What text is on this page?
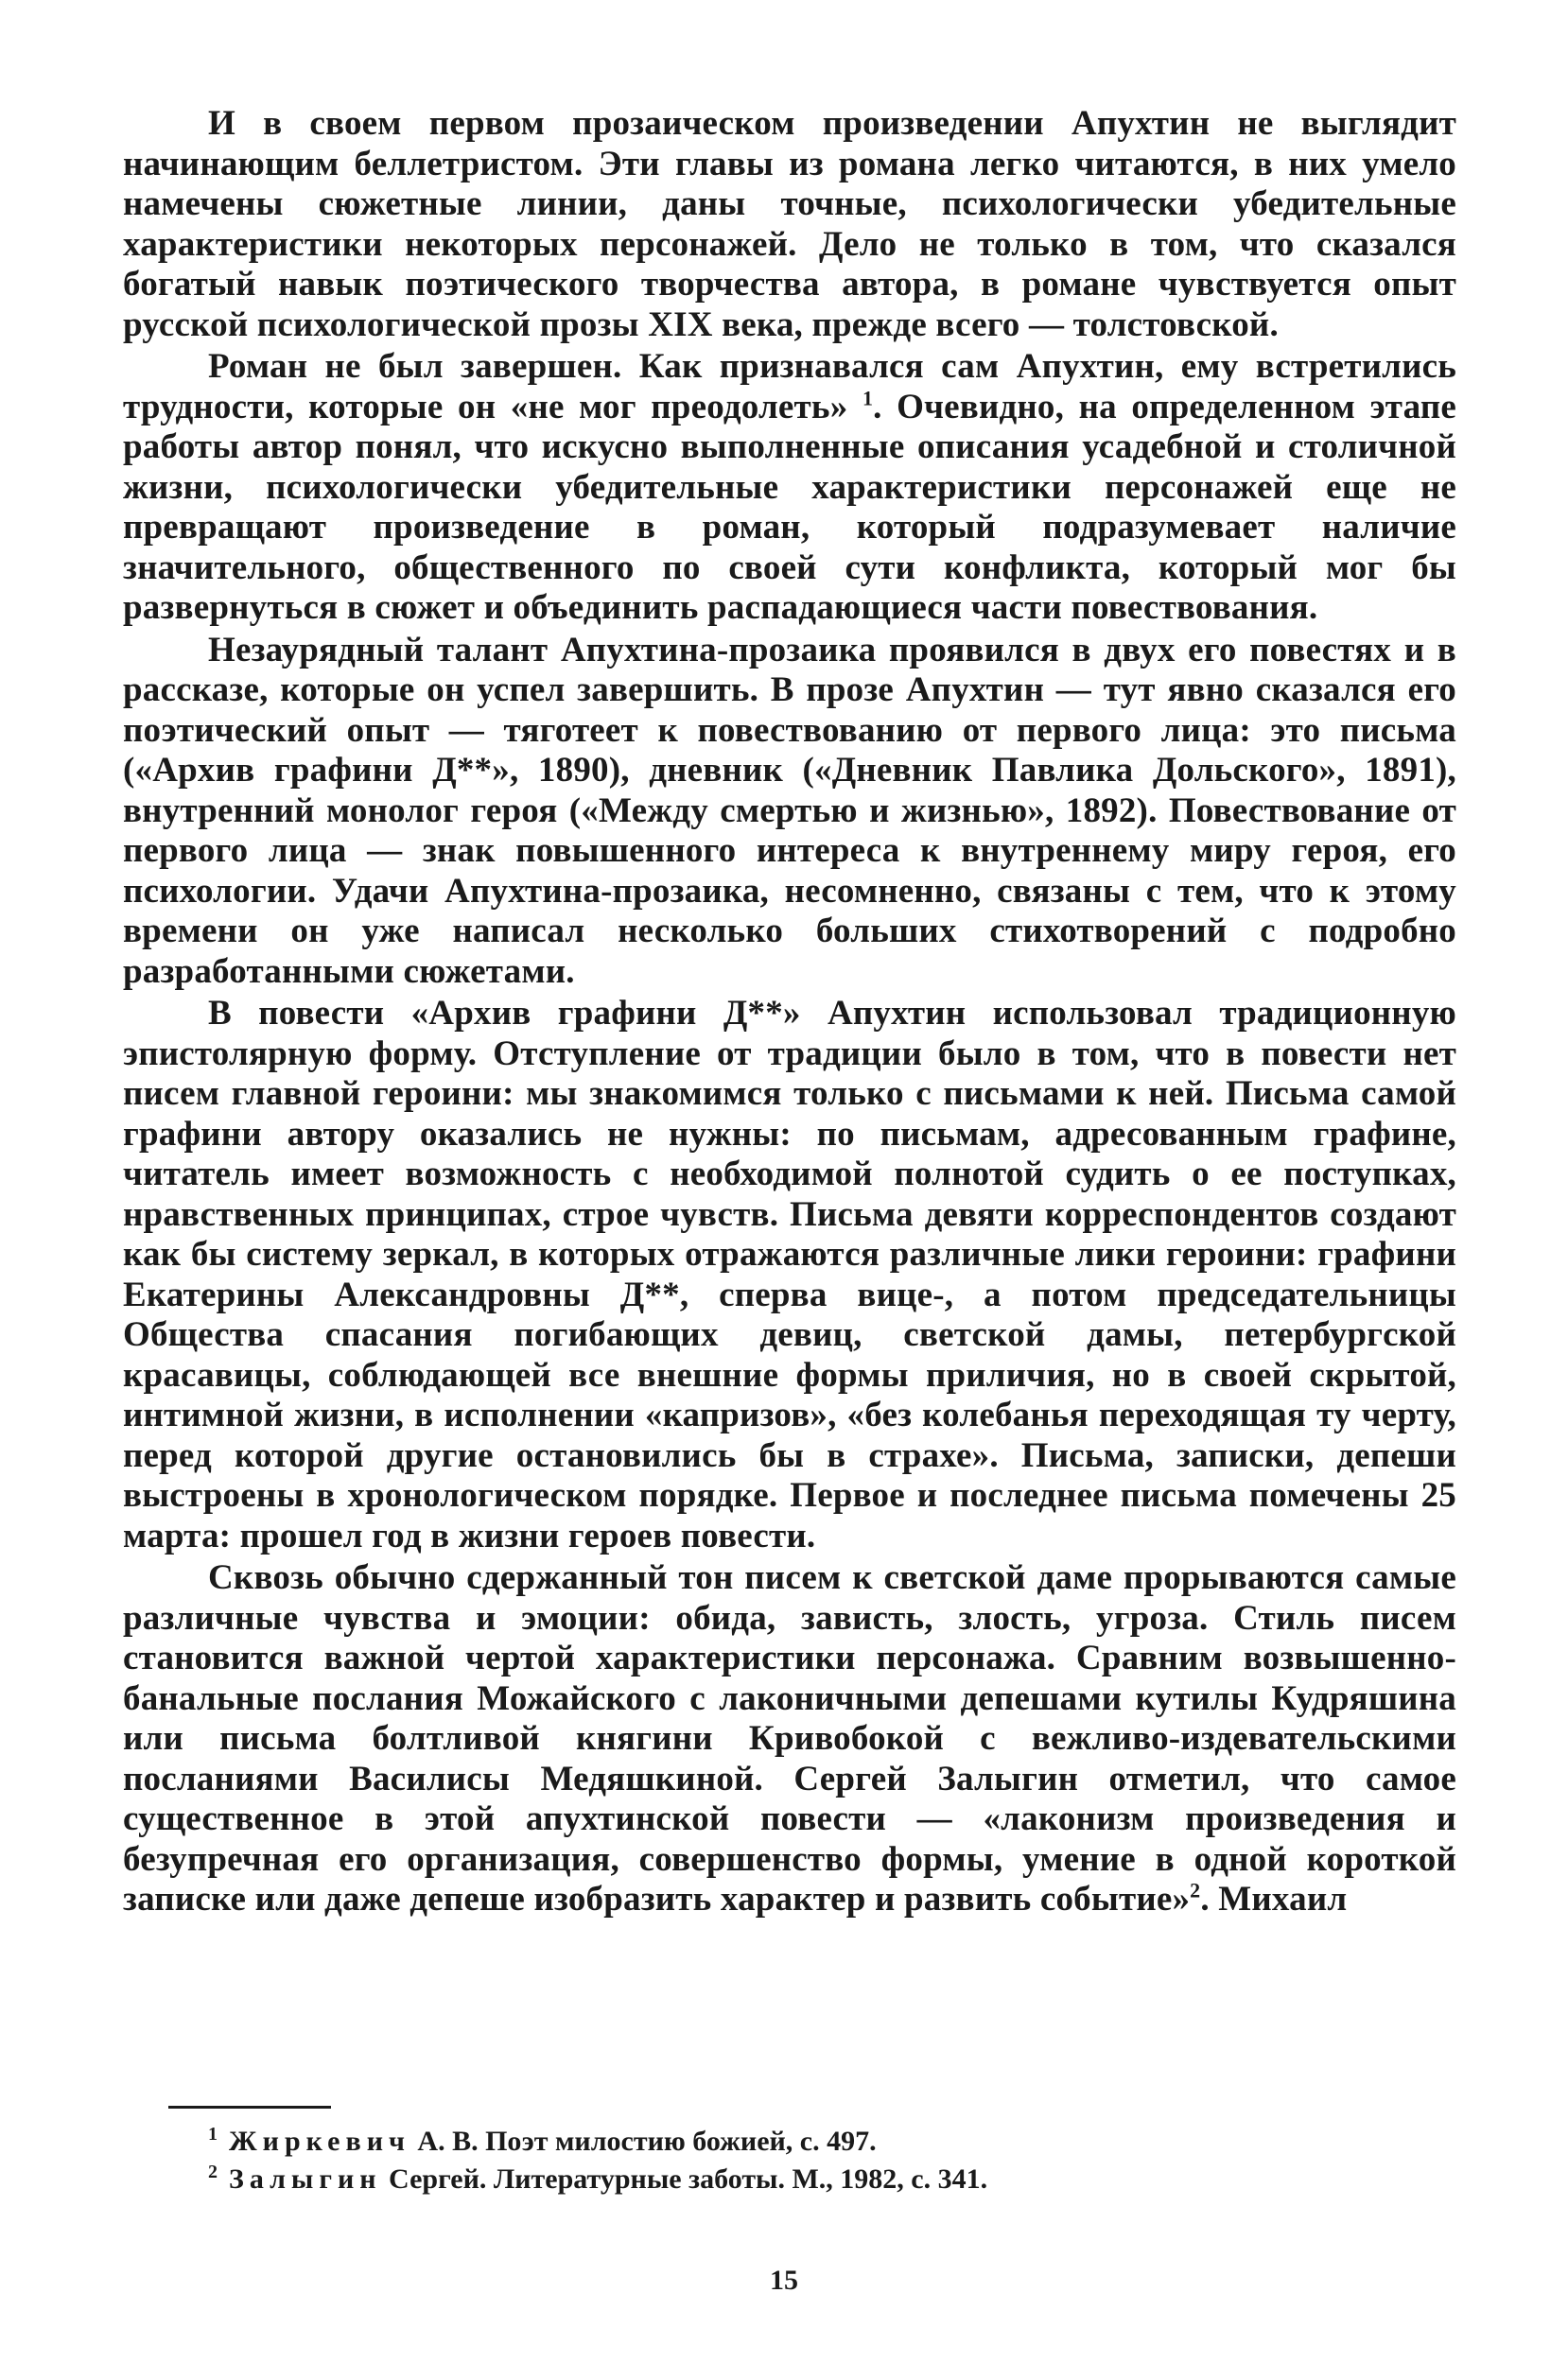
И в своем первом прозаическом произведении Апухтин не выглядит начинающим беллетристом. Эти главы из романа легко читаются, в них умело намечены сюжетные линии, даны точные, психологически убедительные характеристики некоторых персонажей. Дело не только в том, что сказался богатый навык поэтического творчества автора, в романе чувствуется опыт русской психологической прозы XIX века, прежде всего — толстовской.

Роман не был завершен. Как признавался сам Апухтин, ему встретились трудности, которые он «не мог преодолеть» $^1$. Очевидно, на определенном этапе работы автор понял, что искусно выполненные описания усадебной и столичной жизни, психологически убедительные характеристики персонажей еще не превращают произведение в роман, который подразумевает наличие значительного, общественного по своей сути конфликта, который мог бы развернуться в сюжет и объединить распадающиеся части повествования.

Незаурядный талант Апухтина-прозаика проявился в двух его повестях и в рассказе, которые он успел завершить. В прозе Апухтин — тут явно сказался его поэтический опыт — тяготеет к повествованию от первого лица: это письма («Архив графини Д**», 1890), дневник («Дневник Павлика Дольского», 1891), внутренний монолог героя («Между смертью и жизнью», 1892). Повествование от первого лица — знак повышенного интереса к внутреннему миру героя, его психологии. Удачи Апухтина-прозаика, несомненно, связаны с тем, что к этому времени он уже написал несколько больших стихотворений с подробно разработанными сюжетами.

В повести «Архив графини Д**» Апухтин использовал традиционную эпистолярную форму. Отступление от традиции было в том, что в повести нет писем главной героини: мы знакомимся только с письмами к ней. Письма самой графини автору оказались не нужны: по письмам, адресованным графине, читатель имеет возможность с необходимой полнотой судить о ее поступках, нравственных принципах, строе чувств. Письма девяти корреспондентов создают как бы систему зеркал, в которых отражаются различные лики героини: графини Екатерины Александровны Д**, сперва вице-, а потом председательницы Общества спасания погибающих девиц, светской дамы, петербургской красавицы, соблюдающей все внешние формы приличия, но в своей скрытой, интимной жизни, в исполнении «капризов», «без колебанья переходящая ту черту, перед которой другие остановились бы в страхе». Письма, записки, депеши выстроены в хронологическом порядке. Первое и последнее письма помечены 25 марта: прошел год в жизни героев повести.

Сквозь обычно сдержанный тон писем к светской даме прорываются самые различные чувства и эмоции: обида, зависть, злость, угроза. Стиль писем становится важной чертой характеристики персонажа. Сравним возвышенно-банальные послания Можайского с лаконичными депешами кутилы Кудряшина или письма болтливой княгини Кривобокой с вежливо-издевательскими посланиями Василисы Медяшкиной. Сергей Залыгин отметил, что самое существенное в этой апухтинской повести — «лаконизм произведения и безупречная его организация, совершенство формы, умение в одной короткой записке или даже депеше изобразить характер и развить событие»$^2$. Михаил

$^1$ Жиркевич А. В. Поэт милостию божией, с. 497.

$^2$ Залыгин Сергей. Литературные заботы. М., 1982, с. 341.

15
